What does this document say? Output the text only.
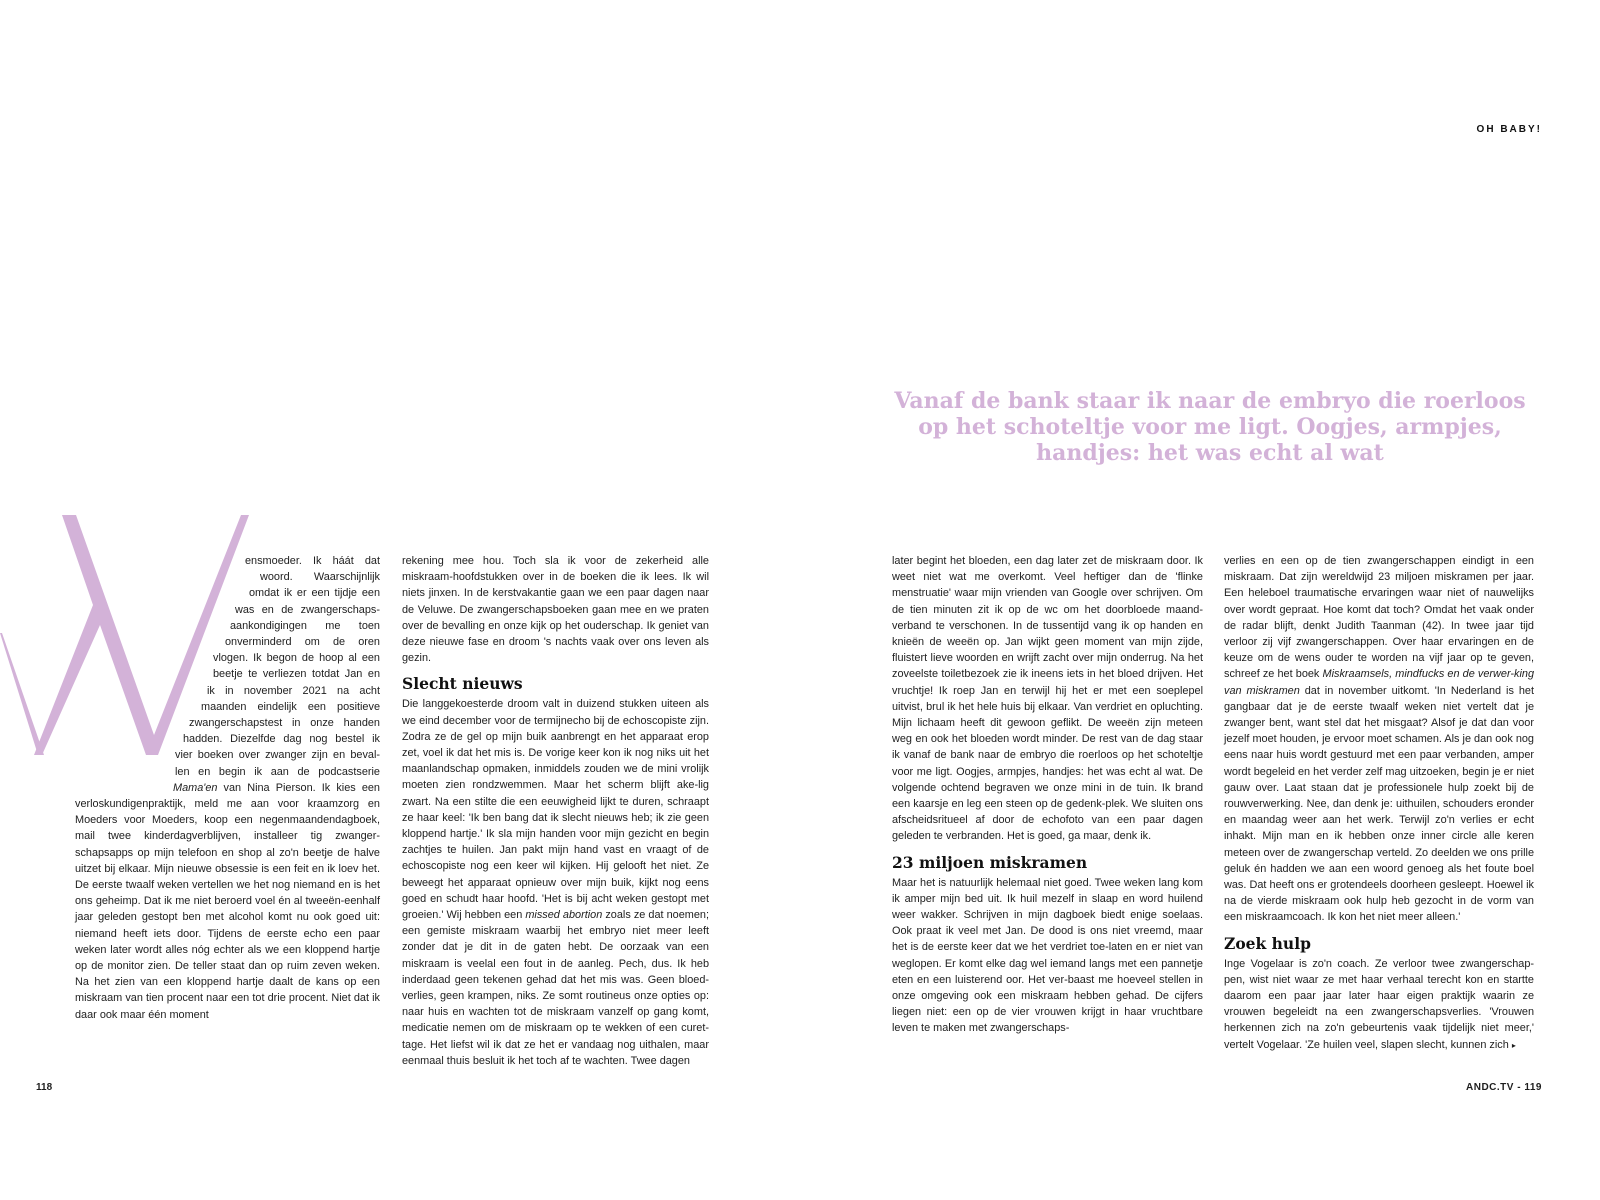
OH BABY!
Vanaf de bank staar ik naar de embryo die roerloos op het schoteltje voor me ligt. Oogjes, armpjes, handjes: het was echt al wat
ensmoeder. Ik háát dat
woord. Waarschijnlijk
omdat ik er een tijdje een
was en de zwangerschaps-
aankondigingen me toen
onverminderd om de oren
vlogen. Ik begon de hoop al een
beetje te verliezen totdat Jan en
ik in november 2021 na acht
maanden eindelijk een positieve
zwangerschapstest in onze handen
hadden. Diezelfde dag nog bestel ik
vier boeken over zwanger zijn en beval-
len en begin ik aan de podcastserie
Mama'en van Nina Pierson. Ik kies een

verloskundigenpraktijk, meld me aan voor kraamzorg en Moeders voor Moeders, koop een negenmaandendagboek, mail twee kinderdagverblijven, installeer tig zwanger-schapsapps op mijn telefoon en shop al zo'n beetje de halve uitzet bij elkaar. Mijn nieuwe obsessie is een feit en ik loev het. De eerste twaalf weken vertellen we het nog niemand en is het ons geheimp. Dat ik me niet beroerd voel én al tweeën-eenhalf jaar geleden gestopt ben met alcohol komt nu ook goed uit: niemand heeft iets door. Tijdens de eerste echo een paar weken later wordt alles nóg echter als we een kloppend hartje op de monitor zien. De teller staat dan op ruim zeven weken. Na het zien van een kloppend hartje daalt de kans op een miskraam van tien procent naar een tot drie procent. Niet dat ik daar ook maar één moment

rekening mee hou. Toch sla ik voor de zekerheid alle miskraam-hoofdstukken over in de boeken die ik lees. Ik wil niets jinxen. In de kerstvakantie gaan we een paar dagen naar de Veluwe. De zwangerschapsboeken gaan mee en we praten over de bevalling en onze kijk op het ouderschap. Ik geniet van deze nieuwe fase en droom 's nachts vaak over ons leven als gezin.

Slecht nieuws

Die langgekoesterde droom valt in duizend stukken uiteen als we eind december voor de termijnecho bij de echoscopiste zijn. Zodra ze de gel op mijn buik aanbrengt en het apparaat erop zet, voel ik dat het mis is. De vorige keer kon ik nog niks uit het maanlandschap opmaken, inmiddels zouden we de mini vrolijk moeten zien rondzwemmen. Maar het scherm blijft ake-lig zwart. Na een stilte die een eeuwigheid lijkt te duren, schraapt ze haar keel: 'Ik ben bang dat ik slecht nieuws heb; ik zie geen kloppend hartje.' Ik sla mijn handen voor mijn gezicht en begin zachtjes te huilen. Jan pakt mijn hand vast en vraagt of de echoscopiste nog een keer wil kijken. Hij gelooft het niet. Ze beweegt het apparaat opnieuw over mijn buik, kijkt nog eens goed en schudt haar hoofd. 'Het is bij acht weken gestopt met groeien.' Wij hebben een missed abortion zoals ze dat noemen; een gemiste miskraam waarbij het embryo niet meer leeft zonder dat je dit in de gaten hebt. De oorzaak van een miskraam is veelal een fout in de aanleg. Pech, dus. Ik heb inderdaad geen tekenen gehad dat het mis was. Geen bloed-verlies, geen krampen, niks. Ze somt routineus onze opties op: naar huis en wachten tot de miskraam vanzelf op gang komt, medicatie nemen om de miskraam op te wekken of een curet-tage. Het liefst wil ik dat ze het er vandaag nog uithalen, maar eenmaal thuis besluit ik het toch af te wachten. Twee dagen

later begint het bloeden, een dag later zet de miskraam door. Ik weet niet wat me overkomt. Veel heftiger dan de 'flinke menstruatie' waar mijn vrienden van Google over schrijven. Om de tien minuten zit ik op de wc om het doorbloede maand-verband te verschonen. In de tussentijd vang ik op handen en knieën de weeën op. Jan wijkt geen moment van mijn zijde, fluistert lieve woorden en wrijft zacht over mijn onderrug. Na het zoveelste toiletbezoek zie ik ineens iets in het bloed drijven. Het vruchtje! Ik roep Jan en terwijl hij het er met een soeplepel uitvist, brul ik het hele huis bij elkaar. Van verdriet en opluchting. Mijn lichaam heeft dit gewoon geflikt. De weeën zijn meteen weg en ook het bloeden wordt minder. De rest van de dag staar ik vanaf de bank naar de embryo die roerloos op het schoteltje voor me ligt. Oogjes, armpjes, handjes: het was echt al wat. De volgende ochtend begraven we onze mini in de tuin. Ik brand een kaarsje en leg een steen op de gedenk-plek. We sluiten ons afscheidsritueel af door de echofoto van een paar dagen geleden te verbranden. Het is goed, ga maar, denk ik.

23 miljoen miskramen

Maar het is natuurlijk helemaal niet goed. Twee weken lang kom ik amper mijn bed uit. Ik huil mezelf in slaap en word huilend weer wakker. Schrijven in mijn dagboek biedt enige soelaas. Ook praat ik veel met Jan. De dood is ons niet vreemd, maar het is de eerste keer dat we het verdriet toe-laten en er niet van weglopen. Er komt elke dag wel iemand langs met een pannetje eten en een luisterend oor. Het ver-baast me hoeveel stellen in onze omgeving ook een miskraam hebben gehad. De cijfers liegen niet: een op de vier vrouwen krijgt in haar vruchtbare leven te maken met zwangerschaps-

verlies en een op de tien zwangerschappen eindigt in een miskraam. Dat zijn wereldwijd 23 miljoen miskramen per jaar. Een heleboel traumatische ervaringen waar niet of nauwelijks over wordt gepraat. Hoe komt dat toch? Omdat het vaak onder de radar blijft, denkt Judith Taanman (42). In twee jaar tijd verloor zij vijf zwangerschappen. Over haar ervaringen en de keuze om de wens ouder te worden na vijf jaar op te geven, schreef ze het boek Miskraamsels, mindfucks en de verwer-king van miskramen dat in november uitkomt. 'In Nederland is het gangbaar dat je de eerste twaalf weken niet vertelt dat je zwanger bent, want stel dat het misgaat? Alsof je dat dan voor jezelf moet houden, je ervoor moet schamen. Als je dan ook nog eens naar huis wordt gestuurd met een paar verbanden, amper wordt begeleid en het verder zelf mag uitzoeken, begin je er niet gauw over. Laat staan dat je professionele hulp zoekt bij de rouwverwerking. Nee, dan denk je: uithuilen, schouders eronder en maandag weer aan het werk. Terwijl zo'n verlies er echt inhakt. Mijn man en ik hebben onze inner circle alle keren meteen over de zwangerschap verteld. Zo deelden we ons prille geluk én hadden we aan een woord genoeg als het foute boel was. Dat heeft ons er grotendeels doorheen gesleept. Hoewel ik na de vierde miskraam ook hulp heb gezocht in de vorm van een miskraamcoach. Ik kon het niet meer alleen.'

Zoek hulp

Inge Vogelaar is zo'n coach. Ze verloor twee zwangerschap-pen, wist niet waar ze met haar verhaal terecht kon en startte daarom een paar jaar later haar eigen praktijk waarin ze vrouwen begeleidt na een zwangerschapsverlies. 'Vrouwen herkennen zich na zo'n gebeurtenis vaak tijdelijk niet meer,' vertelt Vogelaar. 'Ze huilen veel, slapen slecht, kunnen zich ▸

118	ANDC.TV - 119
